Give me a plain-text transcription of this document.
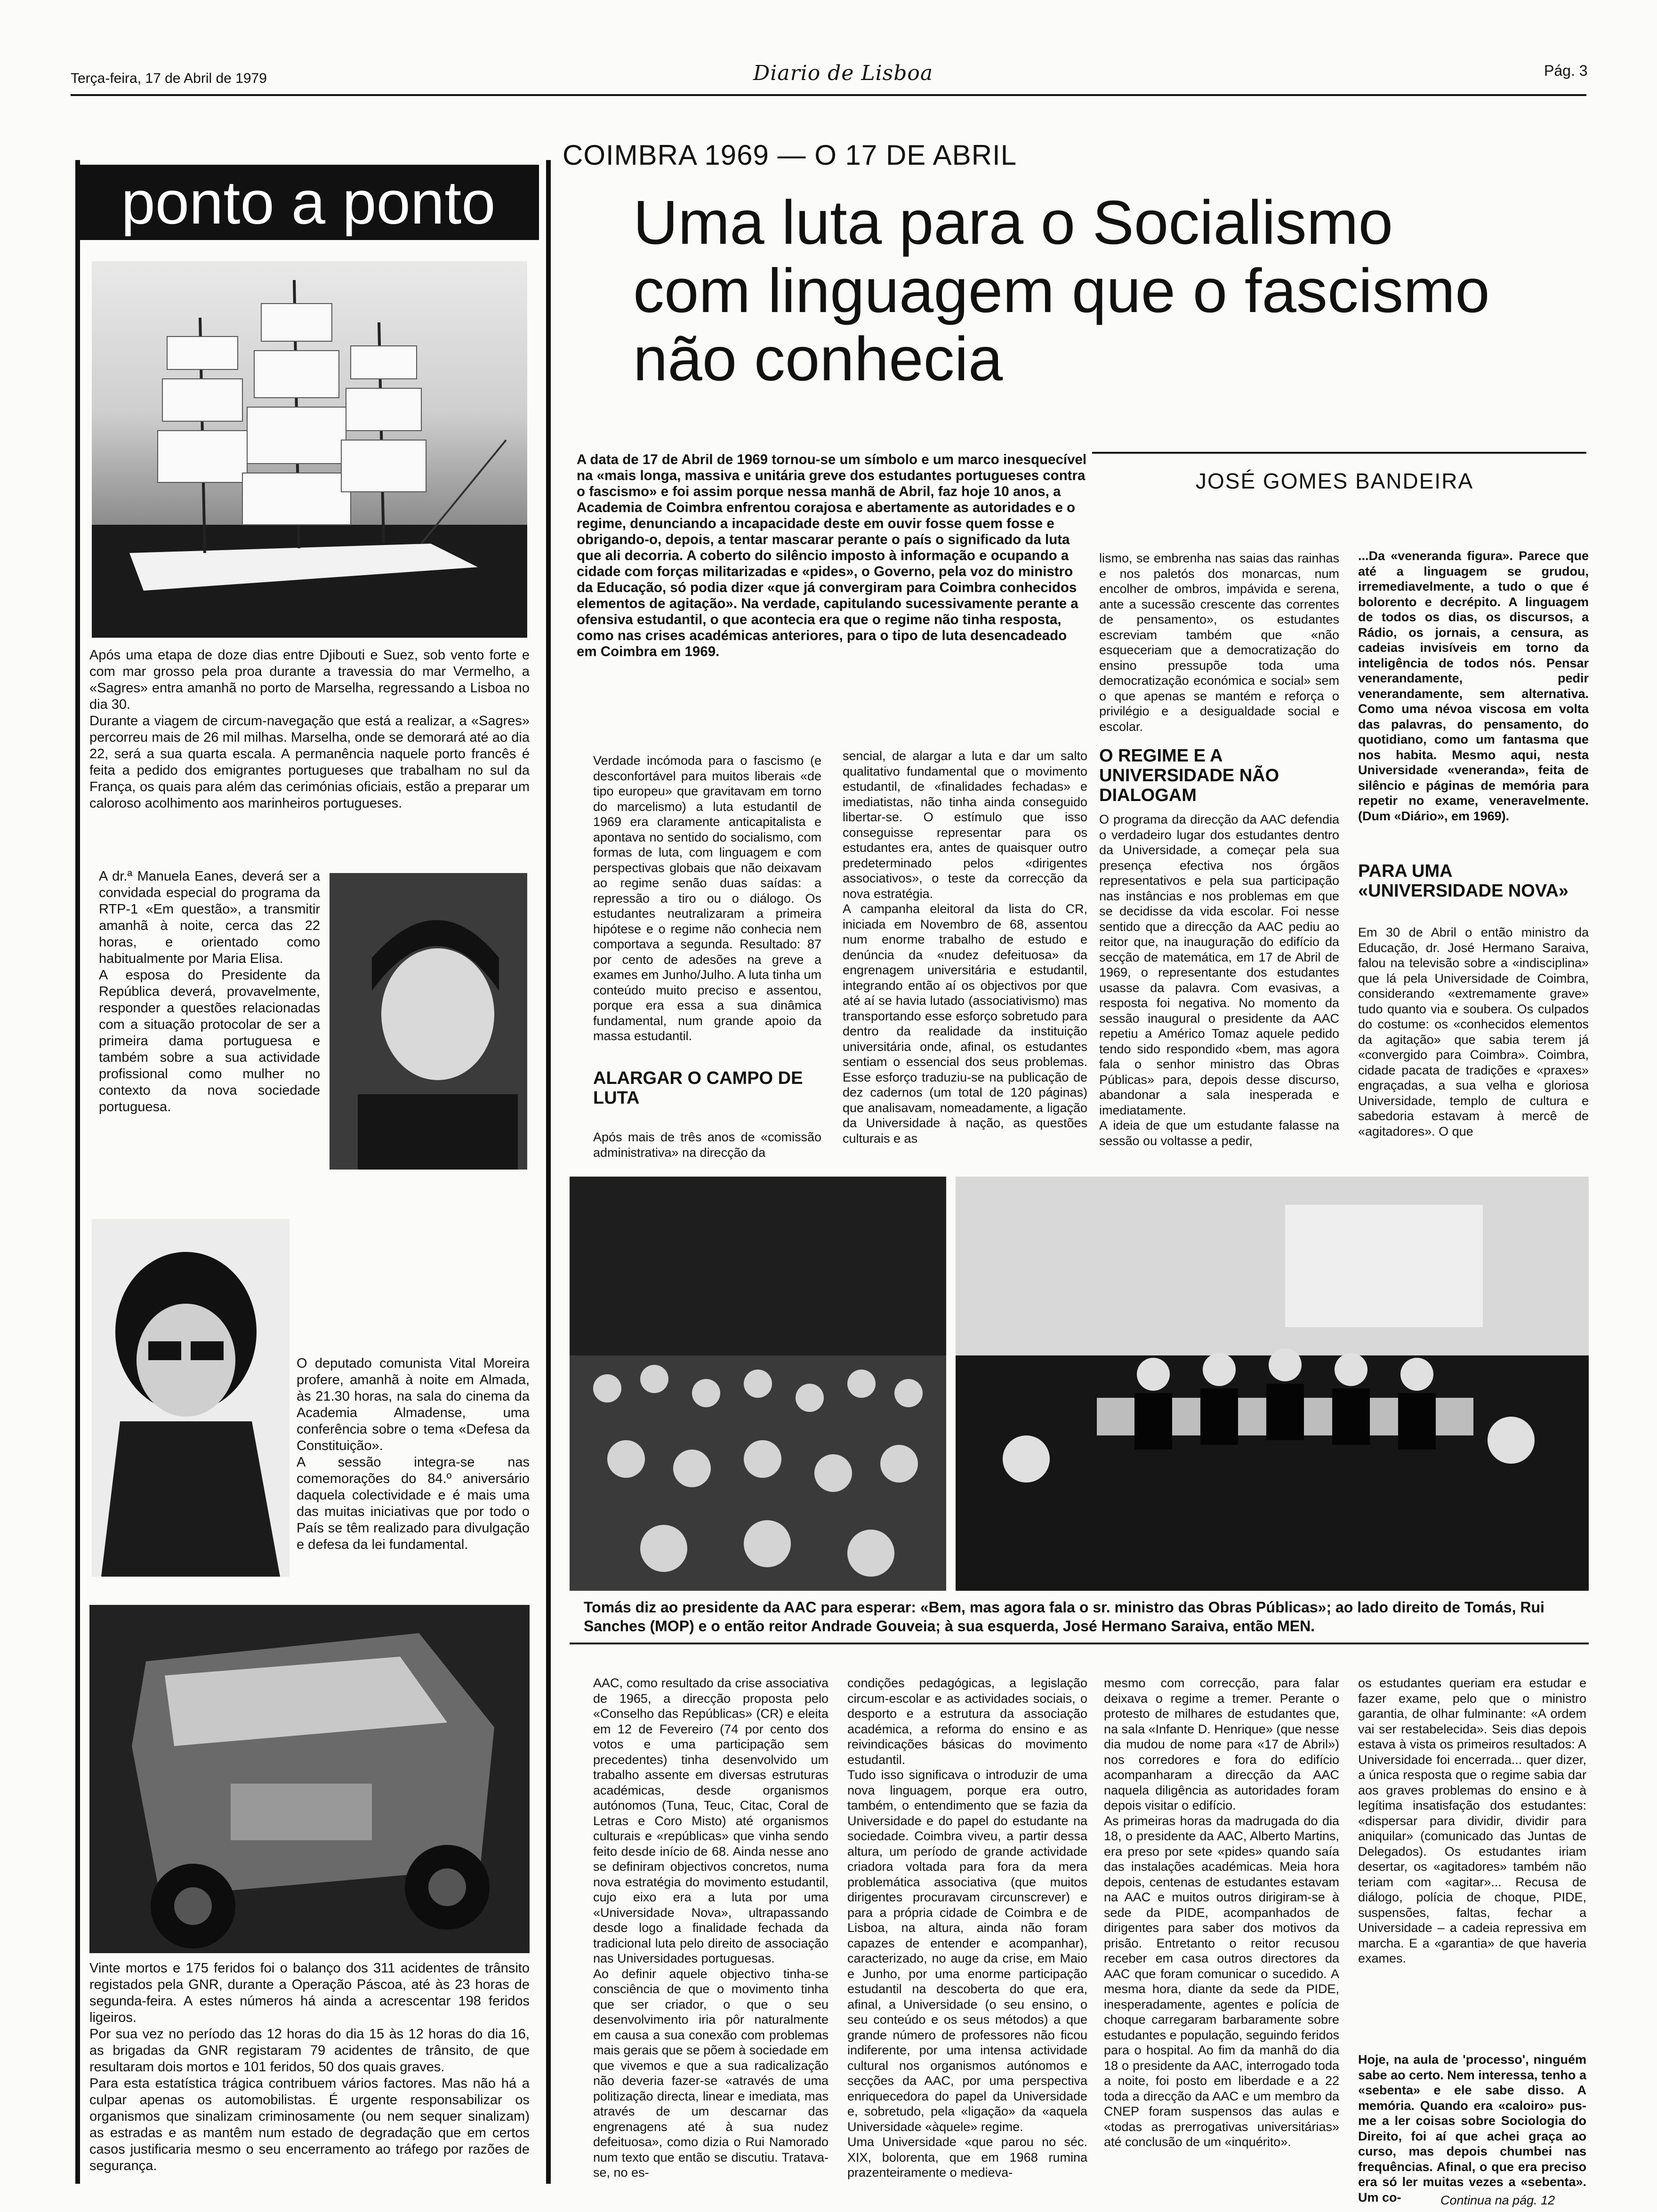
Terça-feira, 17 de Abril de 1979	Diario de Lisboa	Pág. 3
ponto a ponto
Após uma etapa de doze dias entre Djibouti e Suez, sob vento forte e com mar grosso pela proa durante a travessia do mar Vermelho, a «Sagres» entra amanhã no porto de Marselha, regressando a Lisboa no dia 30.
Durante a viagem de circum-navegação que está a realizar, a «Sagres» percorreu mais de 26 mil milhas. Marselha, onde se demorará até ao dia 22, será a sua quarta escala. A permanência naquele porto francês é feita a pedido dos emigrantes portugueses que trabalham no sul da França, os quais para além das cerimónias oficiais, estão a preparar um caloroso acolhimento aos marinheiros portugueses.
A dr.ª Manuela Eanes, deverá ser a convidada especial do programa da RTP-1 «Em questão», a transmitir amanhã à noite, cerca das 22 horas, e orientado como habitualmente por Maria Elisa.
A esposa do Presidente da República deverá, provavelmente, responder a questões relacionadas com a situação protocolar de ser a primeira dama portuguesa e também sobre a sua actividade profissional como mulher no contexto da nova sociedade portuguesa.
O deputado comunista Vital Moreira profere, amanhã à noite em Almada, às 21.30 horas, na sala do cinema da Academia Almadense, uma conferência sobre o tema «Defesa da Constituição».
A sessão integra-se nas comemorações do 84.º aniversário daquela colectividade e é mais uma das muitas iniciativas que por todo o País se têm realizado para divulgação e defesa da lei fundamental.
Vinte mortos e 175 feridos foi o balanço dos 311 acidentes de trânsito registados pela GNR, durante a Operação Páscoa, até às 23 horas de segunda-feira. A estes números há ainda a acrescentar 198 feridos ligeiros.
Por sua vez no período das 12 horas do dia 15 às 12 horas do dia 16, as brigadas da GNR registaram 79 acidentes de trânsito, de que resultaram dois mortos e 101 feridos, 50 dos quais graves.
Para esta estatística trágica contribuem vários factores. Mas não há a culpar apenas os automobilistas. É urgente responsabilizar os organismos que sinalizam criminosamente (ou nem sequer sinalizam) as estradas e as mantêm num estado de degradação que em certos casos justificaria mesmo o seu encerramento ao tráfego por razões de segurança.
COIMBRA 1969 — O 17 DE ABRIL
Uma luta para o Socialismo com linguagem que o fascismo não conhecia
JOSÉ GOMES BANDEIRA
A data de 17 de Abril de 1969 tornou-se um símbolo e um marco inesquecível na «mais longa, massiva e unitária greve dos estudantes portugueses contra o fascismo» e foi assim porque nessa manhã de Abril, faz hoje 10 anos, a Academia de Coimbra enfrentou corajosa e abertamente as autoridades e o regime, denunciando a incapacidade deste em ouvir fosse quem fosse e obrigando-o, depois, a tentar mascarar perante o país o significado da luta que ali decorria. A coberto do silêncio imposto à informação e ocupando a cidade com forças militarizadas e «pides», o Governo, pela voz do ministro da Educação, só podia dizer «que já convergiram para Coimbra conhecidos elementos de agitação». Na verdade, capitulando sucessivamente perante a ofensiva estudantil, o que acontecia era que o regime não tinha resposta, como nas crises académicas anteriores, para o tipo de luta desencadeado em Coimbra em 1969.
Verdade incómoda para o fascismo (e desconfortável para muitos liberais «de tipo europeu» que gravitavam em torno do marcelismo) a luta estudantil de 1969 era claramente anticapitalista e apontava no sentido do socialismo, com formas de luta, com linguagem e com perspectivas globais que não deixavam ao regime senão duas saídas: a repressão a tiro ou o diálogo. Os estudantes neutralizaram a primeira hipótese e o regime não conhecia nem comportava a segunda. Resultado: 87 por cento de adesões na greve a exames em Junho/Julho. A luta tinha um conteúdo muito preciso e assentou, porque era essa a sua dinâmica fundamental, num grande apoio da massa estudantil.
ALARGAR O CAMPO DE LUTA
Após mais de três anos de «comissão administrativa» na direcção da
sencial, de alargar a luta e dar um salto qualitativo fundamental que o movimento estudantil, de «finalidades fechadas» e imediatistas, não tinha ainda conseguido libertar-se. O estímulo que isso conseguisse representar para os estudantes era, antes de quaisquer outro predeterminado pelos «dirigentes associativos», o teste da correcção da nova estratégia.
A campanha eleitoral da lista do CR, iniciada em Novembro de 68, assentou num enorme trabalho de estudo e denúncia da «nudez defeituosa» da engrenagem universitária e estudantil, integrando então aí os objectivos por que até aí se havia lutado (associativismo) mas transportando esse esforço sobretudo para dentro da realidade da instituição universitária onde, afinal, os estudantes sentiam o essencial dos seus problemas. Esse esforço traduziu-se na publicação de dez cadernos (um total de 120 páginas) que analisavam, nomeadamente, a ligação da Universidade à nação, as questões culturais e as
lismo, se embrenha nas saias das rainhas e nos paletós dos monarcas, num encolher de ombros, impávida e serena, ante a sucessão crescente das correntes de pensamento», os estudantes escreviam também que «não esqueceriam que a democratização do ensino pressupõe toda uma democratização económica e social» sem o que apenas se mantém e reforça o privilégio e a desigualdade social e escolar.
O REGIME E A UNIVERSIDADE NÃO DIALOGAM
O programa da direcção da AAC defendia o verdadeiro lugar dos estudantes dentro da Universidade, a começar pela sua presença efectiva nos órgãos representativos e pela sua participação nas instâncias e nos problemas em que se decidisse da vida escolar. Foi nesse sentido que a direcção da AAC pediu ao reitor que, na inauguração do edifício da secção de matemática, em 17 de Abril de 1969, o representante dos estudantes usasse da palavra. Com evasivas, a resposta foi negativa. No momento da sessão inaugural o presidente da AAC repetiu a Américo Tomaz aquele pedido tendo sido respondido «bem, mas agora fala o senhor ministro das Obras Públicas» para, depois desse discurso, abandonar a sala inesperada e imediatamente.
A ideia de que um estudante falasse na sessão ou voltasse a pedir,
...Da «veneranda figura». Parece que até a linguagem se grudou, irremediavelmente, a tudo o que é bolorento e decrépito. A linguagem de todos os dias, os discursos, a Rádio, os jornais, a censura, as cadeias invisíveis em torno da inteligência de todos nós. Pensar venerandamente, pedir venerandamente, sem alternativa. Como uma névoa viscosa em volta das palavras, do pensamento, do quotidiano, como um fantasma que nos habita. Mesmo aqui, nesta Universidade «veneranda», feita de silêncio e páginas de memória para repetir no exame, veneravelmente. (Dum «Diário», em 1969).
PARA UMA «UNIVERSIDADE NOVA»
Em 30 de Abril o então ministro da Educação, dr. José Hermano Saraiva, falou na televisão sobre a «indisciplina» que lá pela Universidade de Coimbra, considerando «extremamente grave» tudo quanto via e soubera. Os culpados do costume: os «conhecidos elementos da agitação» que sabia terem já «convergido para Coimbra». Coimbra, cidade pacata de tradições e «praxes» engraçadas, a sua velha e gloriosa Universidade, templo de cultura e sabedoria estavam à mercê de «agitadores». O que
Tomás diz ao presidente da AAC para esperar: «Bem, mas agora fala o sr. ministro das Obras Públicas»; ao lado direito de Tomás, Rui Sanches (MOP) e o então reitor Andrade Gouveia; à sua esquerda, José Hermano Saraiva, então MEN.
AAC, como resultado da crise associativa de 1965, a direcção proposta pelo «Conselho das Repúblicas» (CR) e eleita em 12 de Fevereiro (74 por cento dos votos e uma participação sem precedentes) tinha desenvolvido um trabalho assente em diversas estruturas académicas, desde organismos autónomos (Tuna, Teuc, Citac, Coral de Letras e Coro Misto) até organismos culturais e «repúblicas» que vinha sendo feito desde início de 68. Ainda nesse ano se definiram objectivos concretos, numa nova estratégia do movimento estudantil, cujo eixo era a luta por uma «Universidade Nova», ultrapassando desde logo a finalidade fechada da tradicional luta pelo direito de associação nas Universidades portuguesas.
Ao definir aquele objectivo tinha-se consciência de que o movimento tinha que ser criador, o que o seu desenvolvimento iria pôr naturalmente em causa a sua conexão com problemas mais gerais que se põem à sociedade em que vivemos e que a sua radicalização não deveria fazer-se «através de uma politização directa, linear e imediata, mas através de um descarnar das engrenagens até à sua nudez defeituosa», como dizia o Rui Namorado num texto que então se discutiu. Tratava-se, no es-
condições pedagógicas, a legislação circum-escolar e as actividades sociais, o desporto e a estrutura da associação académica, a reforma do ensino e as reivindicações básicas do movimento estudantil.
Tudo isso significava o introduzir de uma nova linguagem, porque era outro, também, o entendimento que se fazia da Universidade e do papel do estudante na sociedade. Coimbra viveu, a partir dessa altura, um período de grande actividade criadora voltada para fora da mera problemática associativa (que muitos dirigentes procuravam circunscrever) e para a própria cidade de Coimbra e de Lisboa, na altura, ainda não foram capazes de entender e acompanhar), caracterizado, no auge da crise, em Maio e Junho, por uma enorme participação estudantil na descoberta do que era, afinal, a Universidade (o seu ensino, o seu conteúdo e os seus métodos) a que grande número de professores não ficou indiferente, por uma intensa actividade cultural nos organismos autónomos e secções da AAC, por uma perspectiva enriquecedora do papel da Universidade e, sobretudo, pela «ligação» da «aquela Universidade «àquele» regime.
Uma Universidade «que parou no séc. XIX, bolorenta, que em 1968 rumina prazenteiramente o medieva-
mesmo com correcção, para falar deixava o regime a tremer. Perante o protesto de milhares de estudantes que, na sala «Infante D. Henrique» (que nesse dia mudou de nome para «17 de Abril») nos corredores e fora do edifício acompanharam a direcção da AAC naquela diligência as autoridades foram depois visitar o edifício.
As primeiras horas da madrugada do dia 18, o presidente da AAC, Alberto Martins, era preso por sete «pides» quando saía das instalações académicas. Meia hora depois, centenas de estudantes estavam na AAC e muitos outros dirigiram-se à sede da PIDE, acompanhados de dirigentes para saber dos motivos da prisão. Entretanto o reitor recusou receber em casa outros directores da AAC que foram comunicar o sucedido. A mesma hora, diante da sede da PIDE, inesperadamente, agentes e polícia de choque carregaram barbaramente sobre estudantes e população, seguindo feridos para o hospital. Ao fim da manhã do dia 18 o presidente da AAC, interrogado toda a noite, foi posto em liberdade e a 22 toda a direcção da AAC e um membro da CNEP foram suspensos das aulas e «todas as prerrogativas universitárias» até conclusão de um «inquérito».
os estudantes queriam era estudar e fazer exame, pelo que o ministro garantia, de olhar fulminante: «A ordem vai ser restabelecida». Seis dias depois estava à vista os primeiros resultados: A Universidade foi encerrada... quer dizer, a única resposta que o regime sabia dar aos graves problemas do ensino e à legítima insatisfação dos estudantes: «dispersar para dividir, dividir para aniquilar» (comunicado das Juntas de Delegados). Os estudantes iriam desertar, os «agitadores» também não teriam com «agitar»... Recusa de diálogo, polícia de choque, PIDE, suspensões, faltas, fechar a Universidade – a cadeia repressiva em marcha. E a «garantia» de que haveria exames.
Hoje, na aula de 'processo', ninguém sabe ao certo. Nem interessa, tenho a «sebenta» e ele sabe disso. A memória. Quando era «caloiro» pus-me a ler coisas sobre Sociologia do Direito, foi aí que achei graça ao curso, mas depois chumbei nas frequências. Afinal, o que era preciso era só ler muitas vezes a «sebenta». Um co-	Continua na pág. 12
